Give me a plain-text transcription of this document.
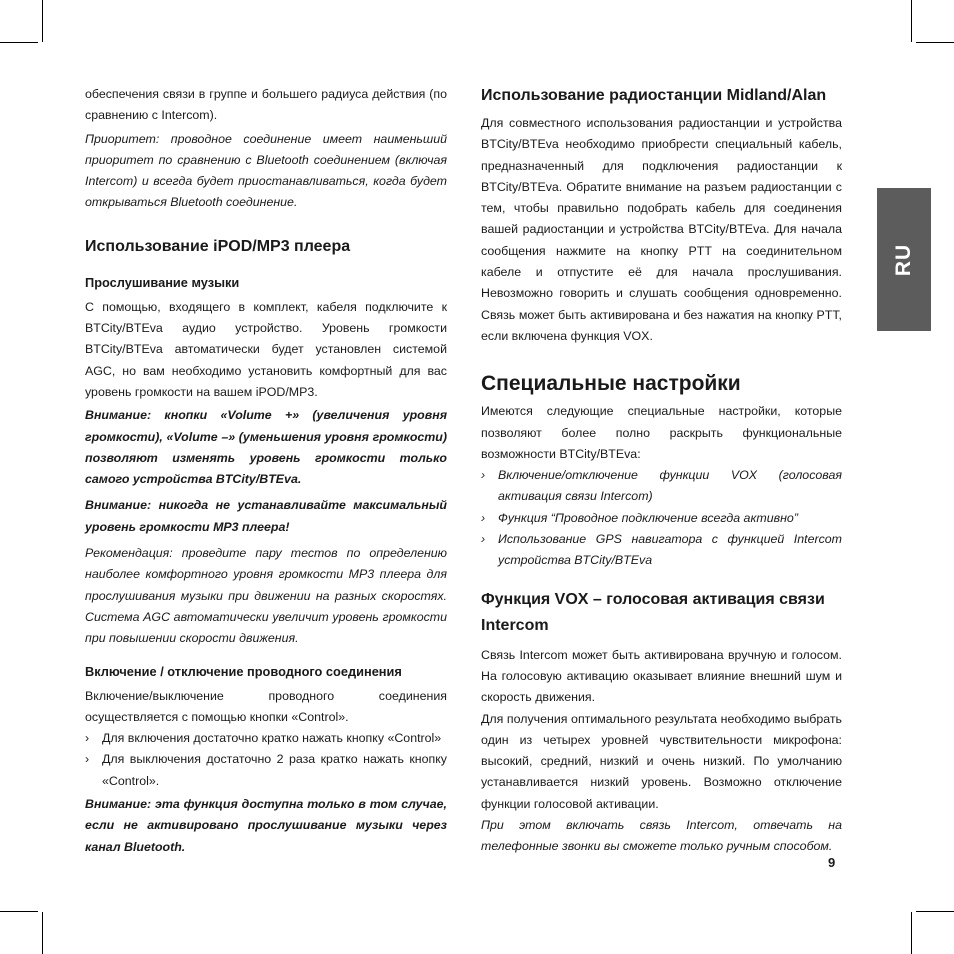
RU

обеспечения связи в группе и большего радиуса действия (по сравнению с Intercom).

Приоритет: проводное соединение имеет наименьший приоритет по сравнению с Bluetooth соединением (включая Intercom) и всегда будет приостанавливаться, когда будет открываться Bluetooth соединение.

Использование iPOD/MP3 плеера
Прослушивание музыки

С помощью, входящего в комплект, кабеля подключите к BTCity/BTEva аудио устройство. Уровень громкости BTCity/BTEva автоматически будет установлен системой AGC, но вам необходимо установить комфортный для вас уровень громкости на вашем iPOD/MP3.

Внимание: кнопки «Volume +» (увеличения уровня громкости), «Volume –» (уменьшения уровня громкости) позволяют изменять уровень громкости только самого устройства BTCity/BTEva.

Внимание: никогда не устанавливайте максимальный уровень громкости MP3 плеера!

Рекомендация: проведите пару тестов по определению наиболее комфортного уровня громкости MP3 плеера для прослушивания музыки при движении на разных скоростях. Система AGC автоматически увеличит уровень громкости при повышении скорости движения.

Включение / отключение проводного соединения

Включение/выключение проводного соединения осуществляется с помощью кнопки «Control».

› Для включения достаточно кратко нажать кнопку «Control»
› Для выключения достаточно 2 раза кратко нажать кнопку «Control».

Внимание: эта функция доступна только в том случае, если не активировано прослушивание музыки через канал Bluetooth.

Использование радиостанции Midland/Alan

Для совместного использования радиостанции и устройства BTCity/BTEva необходимо приобрести специальный кабель, предназначенный для подключения радиостанции к BTCity/BTEva. Обратите внимание на разъем радиостанции с тем, чтобы правильно подобрать кабель для соединения вашей радиостанции и устройства BTCity/BTEva. Для начала сообщения нажмите на кнопку PTT на соединительном кабеле и отпустите её для начала прослушивания. Невозможно говорить и слушать сообщения одновременно. Связь может быть активирована и без нажатия на кнопку PTT, если включена функция VOX.

Специальные настройки

Имеются следующие специальные настройки, которые позволяют более полно раскрыть функциональные возможности BTCity/BTEva:

› Включение/отключение функции VOX (голосовая активация связи Intercom)
› Функция “Проводное подключение всегда активно”
› Использование GPS навигатора с функцией Intercom устройства BTCity/BTEva
Функция VOX – голосовая активация связи Intercom

Связь Intercom может быть активирована вручную и голосом. На голосовую активацию оказывает влияние внешний шум и скорость движения.

Для получения оптимального результата необходимо выбрать один из четырех уровней чувствительности микрофона: высокий, средний, низкий и очень низкий. По умолчанию устанавливается низкий уровень. Возможно отключение функции голосовой активации.

При этом включать связь Intercom, отвечать на телефонные звонки вы сможете только ручным способом.

9
